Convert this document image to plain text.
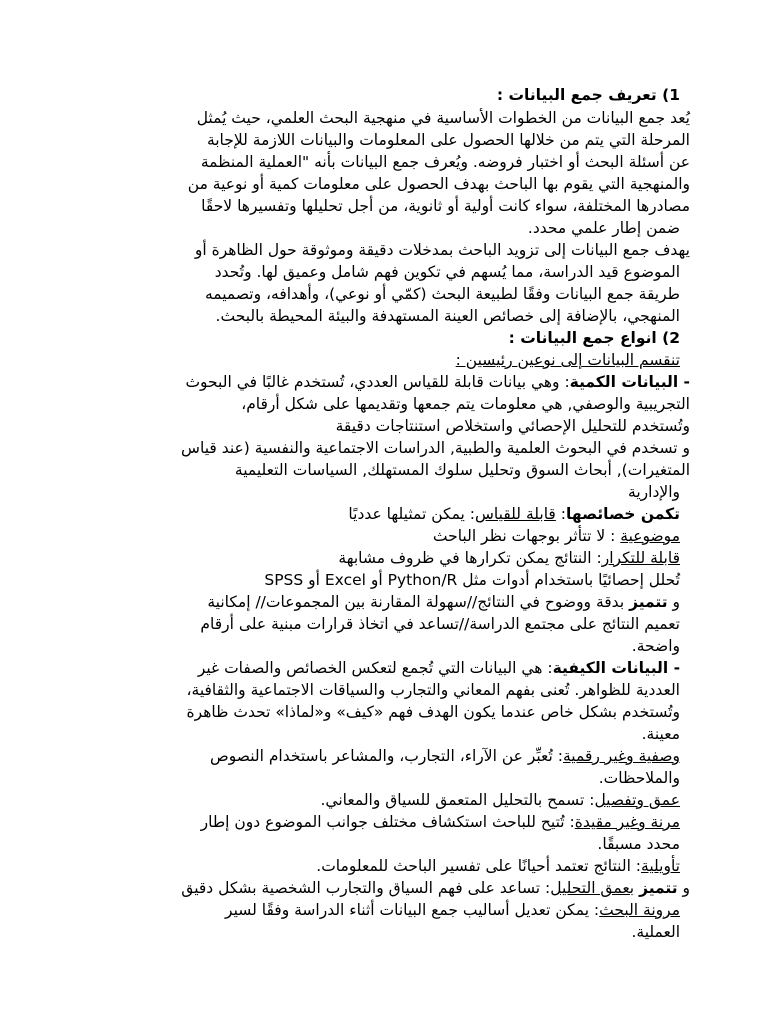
1) تعريف جمع البيانات :
يُعد جمع البيانات من الخطوات الأساسية في منهجية البحث العلمي، حيث يُمثل
المرحلة التي يتم من خلالها الحصول على المعلومات والبيانات اللازمة للإجابة
عن أسئلة البحث أو اختبار فروضه. ويُعرف جمع البيانات بأنه "العملية المنظمة
والمنهجية التي يقوم بها الباحث بهدف الحصول على معلومات كمية أو نوعية من
مصادرها المختلفة، سواء كانت أولية أو ثانوية، من أجل تحليلها وتفسيرها لاحقًا
ضمن إطار علمي محدد.
يهدف جمع البيانات إلى تزويد الباحث بمدخلات دقيقة وموثوقة حول الظاهرة أو
الموضوع قيد الدراسة، مما يُسهم في تكوين فهم شامل وعميق لها. وتُحدد
طريقة جمع البيانات وفقًا لطبيعة البحث (كمّي أو نوعي)، وأهدافه، وتصميمه
المنهجي، بالإضافة إلى خصائص العينة المستهدفة والبيئة المحيطة بالبحث.
2) انواع جمع البيانات :
تنقسم البيانات إلى نوعين رئيسين :
- البيانات الكمية: وهي بيانات قابلة للقياس العددي، تُستخدم غالبًا في البحوث
التجريبية والوصفي, هي معلومات يتم جمعها وتقديمها على شكل أرقام،
وتُستخدم للتحليل الإحصائي واستخلاص استنتاجات دقيقة
و تسخدم في البحوث العلمية والطبية, الدراسات الاجتماعية والنفسية (عند قياس
المتغيرات), أبحاث السوق وتحليل سلوك المستهلك, السياسات التعليمية
والإدارية
تكمن خصائصها: قابلة للقياس: يمكن تمثيلها عدديًا
موضوعية : لا تتأثر بوجهات نظر الباحث
قابلة للتكرار: النتائج يمكن تكرارها في ظروف مشابهة
تُحلل إحصائيًا باستخدام أدوات مثل Python/R أو Excel أو SPSS
و تتميز بدقة ووضوح في النتائج//سهولة المقارنة بين المجموعات// إمكانية
تعميم النتائج على مجتمع الدراسة//تساعد في اتخاذ قرارات مبنية على أرقام
واضحة.
- البيانات الكيفية: هي البيانات التي تُجمع لتعكس الخصائص والصفات غير
العددية للظواهر. تُعنى بفهم المعاني والتجارب والسياقات الاجتماعية والثقافية،
وتُستخدم بشكل خاص عندما يكون الهدف فهم «كيف» و«لماذا» تحدث ظاهرة
معينة.
وصفية وغير رقمية: تُعبِّر عن الآراء، التجارب، والمشاعر باستخدام النصوص
والملاحظات.
عمق وتفصيل: تسمح بالتحليل المتعمق للسياق والمعاني.
مرنة وغير مقيدة: تُتيح للباحث استكشاف مختلف جوانب الموضوع دون إطار
محدد مسبقًا.
تأويلية: النتائج تعتمد أحيانًا على تفسير الباحث للمعلومات.
و تتميز بعمق التحليل: تساعد على فهم السياق والتجارب الشخصية بشكل دقيق
مرونة البحث: يمكن تعديل أساليب جمع البيانات أثناء الدراسة وفقًا لسير
العملية.
